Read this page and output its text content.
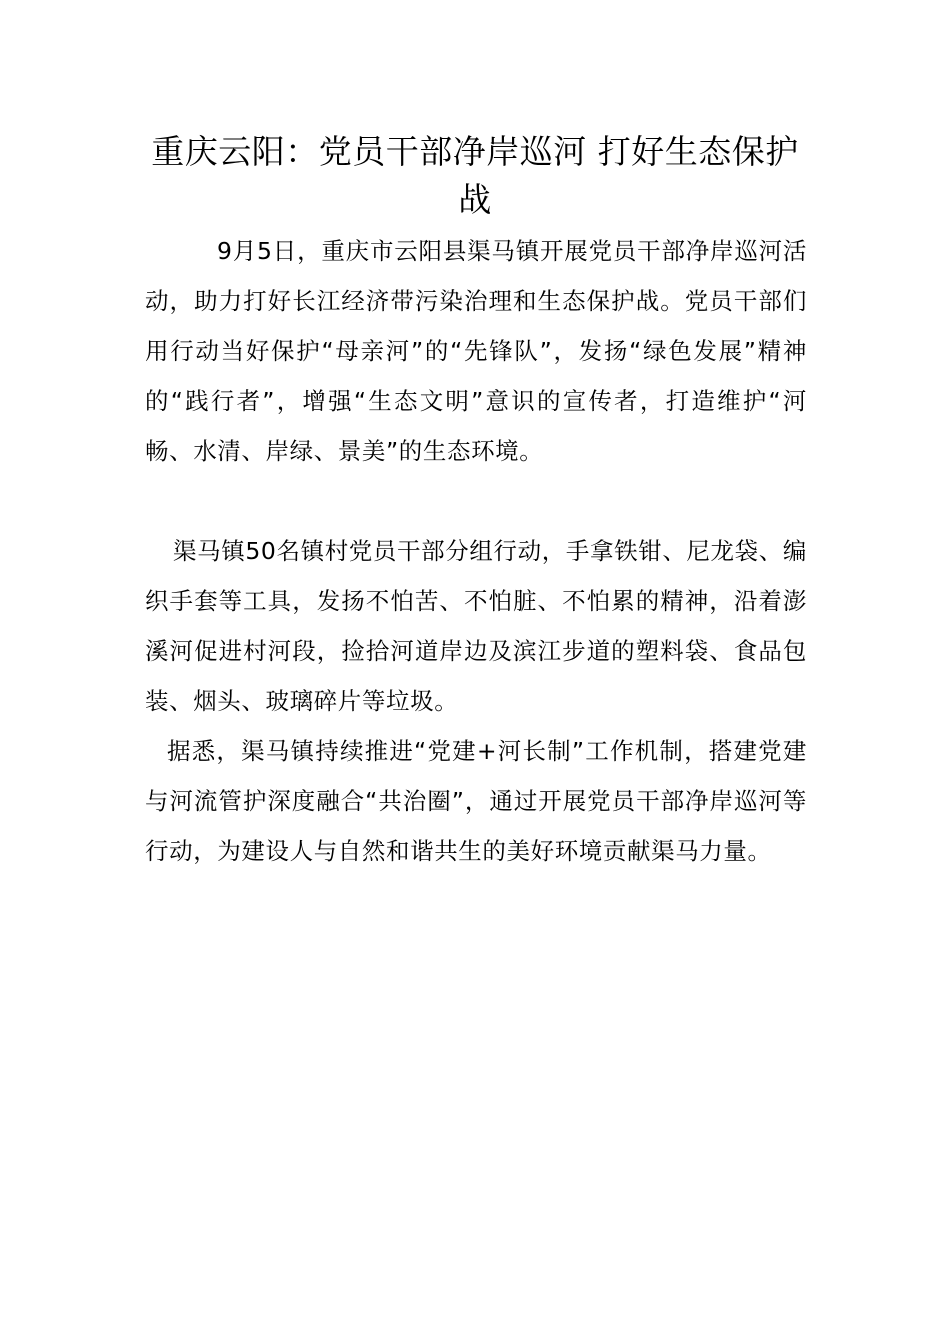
重庆云阳：党员干部净岸巡河 打好生态保护战

9月5日，重庆市云阳县渠马镇开展党员干部净岸巡河活动，助力打好长江经济带污染治理和生态保护战。党员干部们用行动当好保护“母亲河”的“先锋队”，发扬“绿色发展”精神的“践行者”，增强“生态文明”意识的宣传者，打造维护“河畅、水清、岸绿、景美”的生态环境。

渠马镇50名镇村党员干部分组行动，手拿铁钳、尼龙袋、编织手套等工具，发扬不怕苦、不怕脏、不怕累的精神，沿着澎溪河促进村河段，捡拾河道岸边及滨江步道的塑料袋、食品包装、烟头、玻璃碎片等垃圾。

据悉，渠马镇持续推进“党建+河长制”工作机制，搭建党建与河流管护深度融合“共治圈”，通过开展党员干部净岸巡河等行动，为建设人与自然和谐共生的美好环境贡献渠马力量。
